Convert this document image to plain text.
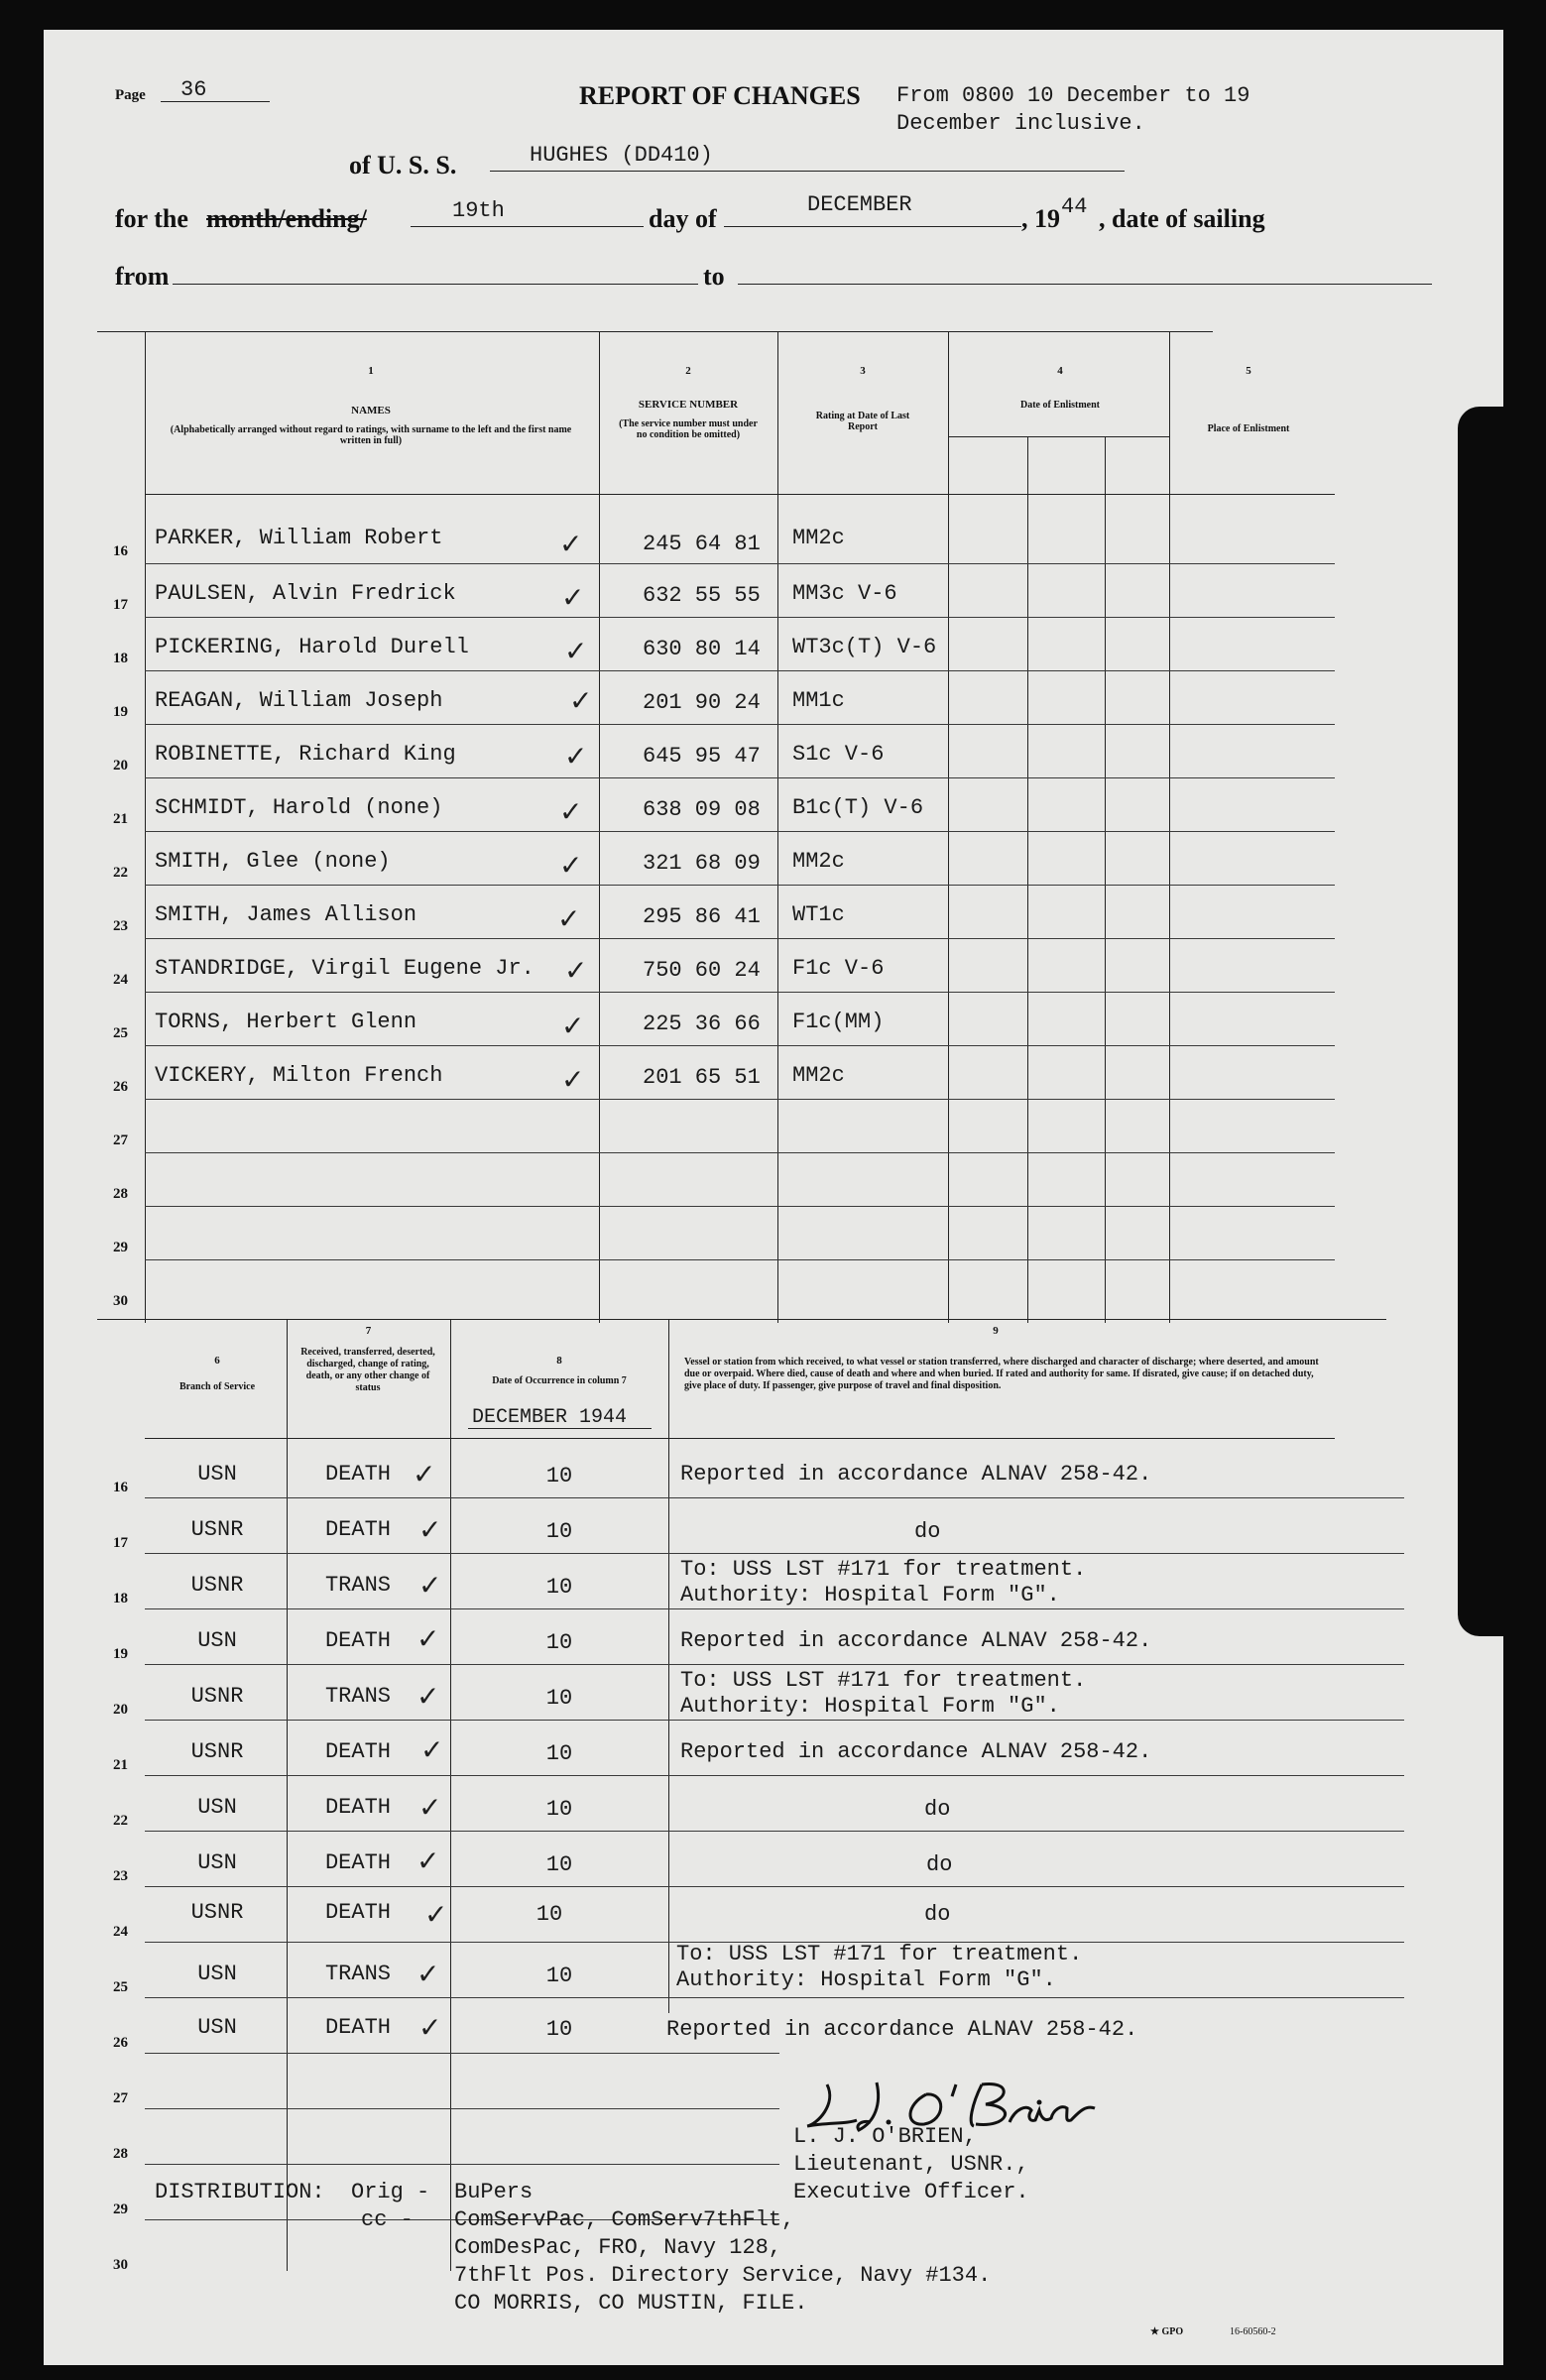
Page 36	REPORT OF CHANGES From 0800 10 December to 19
December inclusive.
of U. S. S.	HUGHES (DD410)
for the month/ending/	19th	day of	DECEMBER	, 19 44 , date of sailing
from	to
1
NAMES
(Alphabetically arranged without regard to ratings, with surname to the left and the first name written in full)
2
SERVICE NUMBER
(The service number must under no condition be omitted)
3
Rating at Date of Last Report
4
Date of Enlistment
5
Place of Enlistment
16
PARKER, William Robert	✓	245 64 81 MM2c
17 PAULSEN, Alvin Fredrick	✓	632 55 55 MM3c V-6
18 PICKERING, Harold Durell	✓	630 80 14 WT3c(T) V-6
19 REAGAN, William Joseph	✓ 201 90 24 MM1c
20 ROBINETTE, Richard King	✓	645 95 47 S1c V-6
21 SCHMIDT, Harold (none)	✓	638 09 08 B1c(T) V-6
22 SMITH, Glee (none)	✓	321 68 09 MM2c
23 SMITH, James Allison	✓	295 86 41 WT1c
24 STANDRIDGE, Virgil Eugene Jr. ✓	750 60 24 F1c V-6
25 TORNS, Herbert Glenn	✓	225 36 66 F1c(MM)
26 VICKERY, Milton French	✓	201 65 51 MM2c
27
28
29
30
6
Branch of Service
7
Received, transferred, deserted, discharged, change of rating, death, or any other change of status
8
Date of Occurrence in column 7
DECEMBER 1944
9
Vessel or station from which received, to what vessel or station transferred, where discharged and character of discharge; where deserted, and amount due or overpaid. Where died, cause of death and where and when buried. If rated and authority for same. If disrated, give cause; if on detached duty, give place of duty. If passenger, give purpose of travel and final disposition.
16
USN	DEATH ✓	10	Reported in accordance ALNAV 258-42.
17
USNR	DEATH	✓	10	do
18
USNR	TRANS	✓	10
To: USS LST #171 for treatment.
Authority: Hospital Form "G".
19
USN	DEATH ✓	10	Reported in accordance ALNAV 258-42.
20
USNR	TRANS ✓	10
To: USS LST #171 for treatment.
Authority: Hospital Form "G".
21
USNR	DEATH	✓	10	Reported in accordance ALNAV 258-42.
22
USN	DEATH	✓	10	do
23
USN	DEATH ✓	10	do
24
USNR	DEATH	✓	10	do
25
USN	TRANS ✓	10
To: USS LST #171 for treatment.
Authority: Hospital Form "G".
26
USN	DEATH	✓	10	Reported in accordance ALNAV 258-42.
27
28
29
30
L. J. O'BRIEN,
Lieutenant, USNR.,
Executive Officer.
DISTRIBUTION: Orig - BuPers
cc - ComServPac, ComServ7thFlt,
ComDesPac, FRO, Navy 128,
7thFlt Pos. Directory Service, Navy #134.
CO MORRIS, CO MUSTIN, FILE.
★ GPO	16-60560-2
